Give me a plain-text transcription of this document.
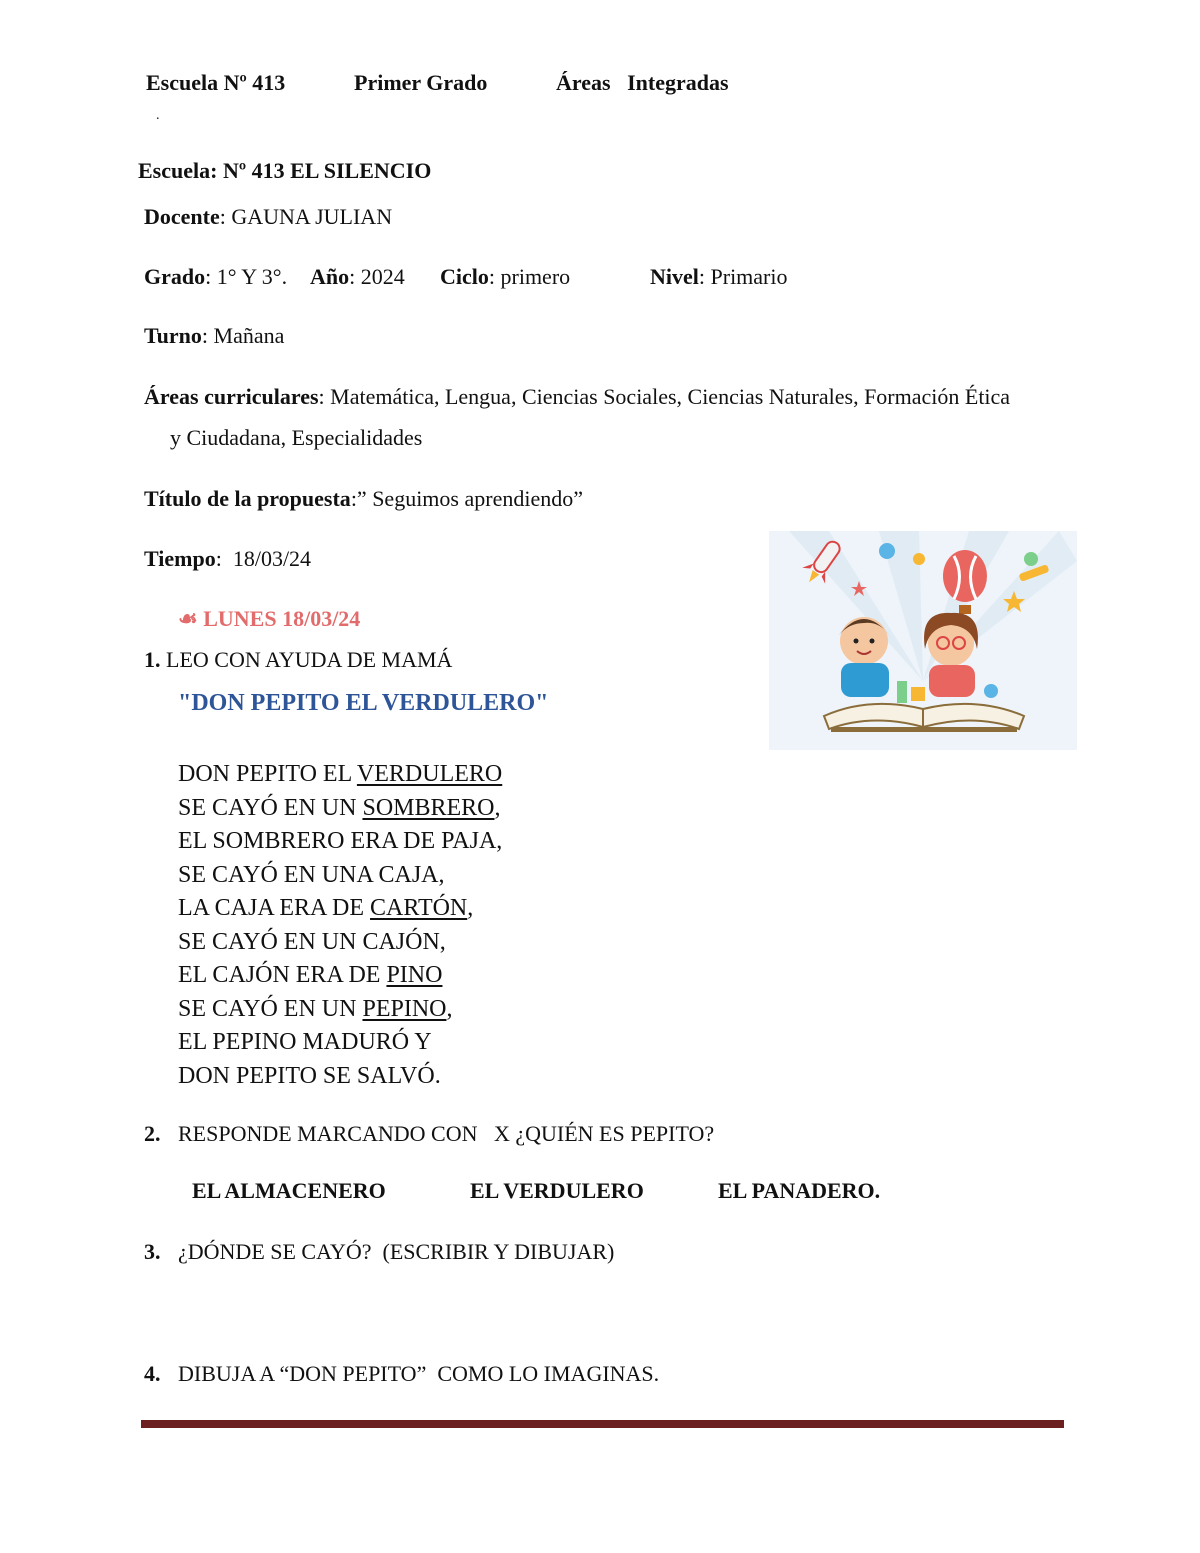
Escuela Nº 413	Primer Grado	Áreas   Integradas
.
Escuela: Nº 413 EL SILENCIO
Docente: GAUNA JULIAN
Grado: 1° Y 3°. Año: 2024 Ciclo: primero	Nivel: Primario
Turno: Mañana
Áreas curriculares: Matemática, Lengua, Ciencias Sociales, Ciencias Naturales, Formación Ética
y Ciudadana, Especialidades
Título de la propuesta:” Seguimos aprendiendo”
Tiempo:  18/03/24
☙ LUNES 18/03/24
1. LEO CON AYUDA DE MAMÁ
"DON PEPITO EL VERDULERO"
DON PEPITO EL VERDULERO
SE CAYÓ EN UN SOMBRERO,
EL SOMBRERO ERA DE PAJA,
SE CAYÓ EN UNA CAJA,
LA CAJA ERA DE CARTÓN,
SE CAYÓ EN UN CAJÓN,
EL CAJÓN ERA DE PINO
SE CAYÓ EN UN PEPINO,
EL PEPINO MADURÓ Y
DON PEPITO SE SALVÓ.
2. RESPONDE MARCANDO CON   X ¿QUIÉN ES PEPITO?
EL ALMACENERO	EL VERDULERO	EL PANADERO.
3. ¿DÓNDE SE CAYÓ?  (ESCRIBIR Y DIBUJAR)
4. DIBUJA A “DON PEPITO”  COMO LO IMAGINAS.
